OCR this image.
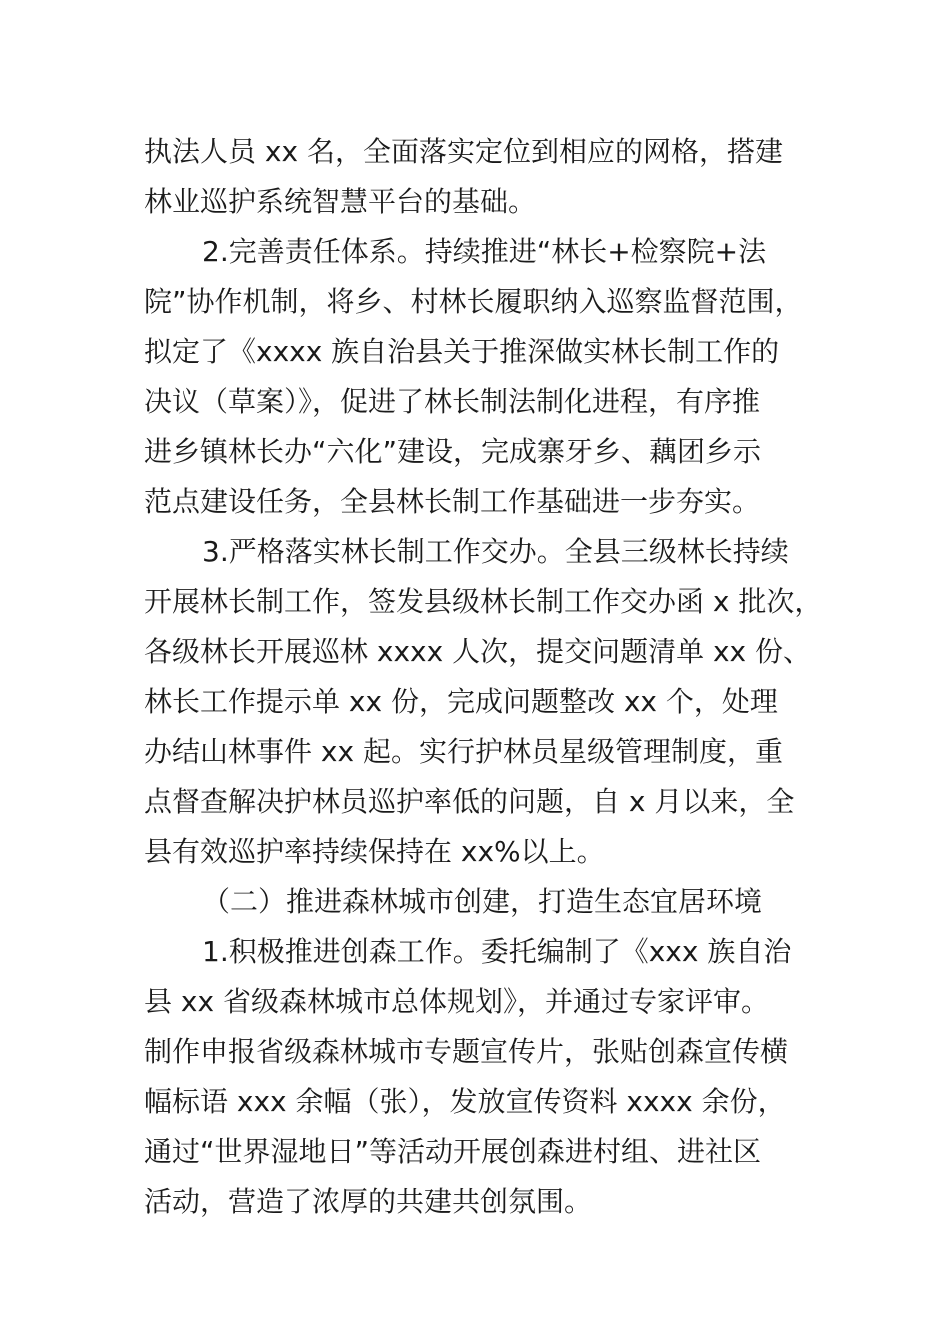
执法人员 xx 名，全面落实定位到相应的网格，搭建
林业巡护系统智慧平台的基础。
2.完善责任体系。持续推进“林长+检察院+法
院”协作机制，将乡、村林长履职纳入巡察监督范围，
拟定了《xxxx 族自治县关于推深做实林长制工作的
决议（草案）》，促进了林长制法制化进程，有序推
进乡镇林长办“六化”建设，完成寨牙乡、藕团乡示
范点建设任务，全县林长制工作基础进一步夯实。
3.严格落实林长制工作交办。全县三级林长持续
开展林长制工作，签发县级林长制工作交办函 x 批次，
各级林长开展巡林 xxxx 人次，提交问题清单 xx 份、
林长工作提示单 xx 份，完成问题整改 xx 个，处理
办结山林事件 xx 起。实行护林员星级管理制度，重
点督查解决护林员巡护率低的问题，自 x 月以来，全
县有效巡护率持续保持在 xx%以上。
（二）推进森林城市创建，打造生态宜居环境
1.积极推进创森工作。委托编制了《xxx 族自治
县 xx 省级森林城市总体规划》，并通过专家评审。
制作申报省级森林城市专题宣传片，张贴创森宣传横
幅标语 xxx 余幅（张），发放宣传资料 xxxx 余份，
通过“世界湿地日”等活动开展创森进村组、进社区
活动，营造了浓厚的共建共创氛围。
